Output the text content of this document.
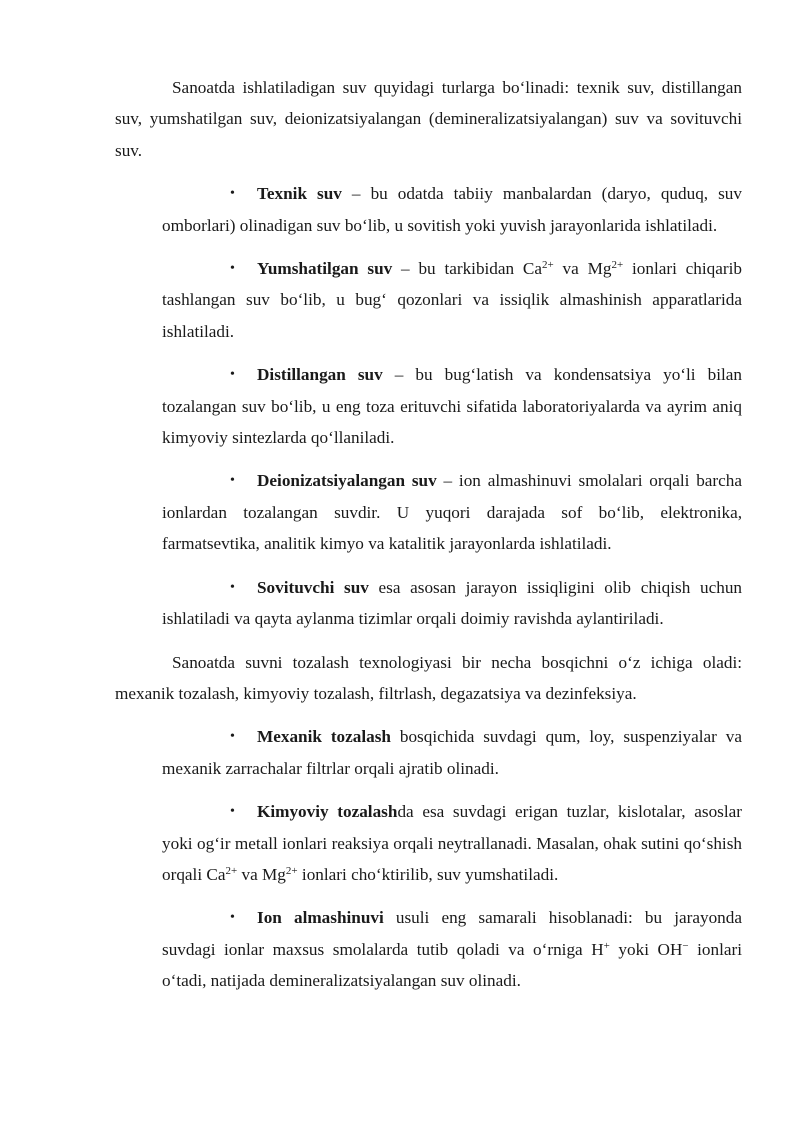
Sanoatda ishlatiladigan suv quyidagi turlarga bo‘linadi: texnik suv, distillangan suv, yumshatilgan suv, deionizatsiyalangan (demineralizatsiyalangan) suv va sovituvchi suv.

• Texnik suv – bu odatda tabiiy manbalardan (daryo, quduq, suv omborlari) olinadigan suv bo‘lib, u sovitish yoki yuvish jarayonlarida ishlatiladi.
• Yumshatilgan suv – bu tarkibidan $Ca^{2+}$ va $Mg^{2+}$ ionlari chiqarib tashlangan suv bo‘lib, u bug‘ qozonlari va issiqlik almashinish apparatlarida ishlatiladi.
• Distillangan suv – bu bug‘latish va kondensatsiya yo‘li bilan tozalangan suv bo‘lib, u eng toza erituvchi sifatida laboratoriyalarda va ayrim aniq kimyoviy sintezlarda qo‘llaniladi.
• Deionizatsiyalangan suv – ion almashinuvi smolalari orqali barcha ionlardan tozalangan suvdir. U yuqori darajada sof bo‘lib, elektronika, farmatsevtika, analitik kimyo va katalitik jarayonlarda ishlatiladi.
• Sovituvchi suv esa asosan jarayon issiqligini olib chiqish uchun ishlatiladi va qayta aylanma tizimlar orqali doimiy ravishda aylantiriladi.

Sanoatda suvni tozalash texnologiyasi bir necha bosqichni o‘z ichiga oladi: mexanik tozalash, kimyoviy tozalash, filtrlash, degazatsiya va dezinfeksiya.

• Mexanik tozalash bosqichida suvdagi qum, loy, suspenziyalar va mexanik zarrachalar filtrlar orqali ajratib olinadi.
• Kimyoviy tozalashda esa suvdagi erigan tuzlar, kislotalar, asoslar yoki og‘ir metall ionlari reaksiya orqali neytrallanadi. Masalan, ohak sutini qo‘shish orqali $Ca^{2+}$ va $Mg^{2+}$ ionlari cho‘ktirilib, suv yumshatiladi.
• Ion almashinuvi usuli eng samarali hisoblanadi: bu jarayonda suvdagi ionlar maxsus smolalarda tutib qoladi va o‘rniga H+ yoki OH− ionlari o‘tadi, natijada demineralizatsiyalangan suv olinadi.
